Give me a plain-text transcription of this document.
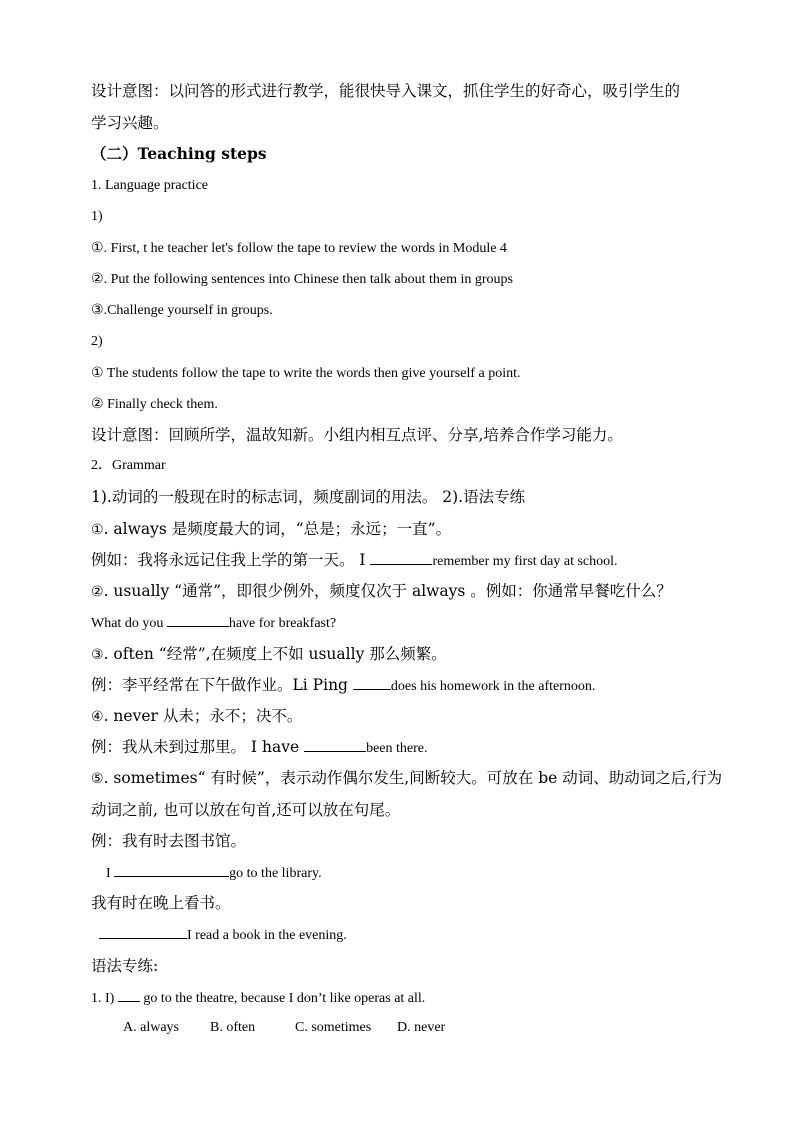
设计意图：以问答的形式进行教学，能很快导入课文，抓住学生的好奇心，吸引学生的
学习兴趣。
（二）Teaching steps
1. Language practice
1)
①. First, t he teacher let's follow the tape to review the words in Module 4
②. Put the following sentences into Chinese then talk about them in groups
③.Challenge yourself in groups.
2)
① The students follow the tape to write the words then give yourself a point.
② Finally check them.
设计意图：回顾所学，温故知新。小组内相互点评、分享,培养合作学习能力。
2．Grammar
1).动词的一般现在时的标志词，频度副词的用法。 2).语法专练
①. always 是频度最大的词，“总是；永远；一直”。
例如：我将永远记住我上学的第一天。 I	remember my first day at school.
②. usually “通常”，即很少例外，频度仅次于 always 。例如：你通常早餐吃什么？
What do you	have for breakfast?
③. often “经常”,在频度上不如 usually 那么频繁。
例：李平经常在下午做作业。Li Ping	does his homework in the afternoon.
④. never 从未；永不；决不。
例：我从未到过那里。 I have	been there.
⑤. sometimes“ 有时候”，表示动作偶尔发生,间断较大。可放在 be 动词、助动词之后,行为
动词之前, 也可以放在句首,还可以放在句尾。
例：我有时去图书馆。
I	go to the library.
我有时在晚上看书。
I read a book in the evening.
语法专练:
1. I)  go to the theatre, because I don’t like operas at all.
A. always B. often	C. sometimes D. never
